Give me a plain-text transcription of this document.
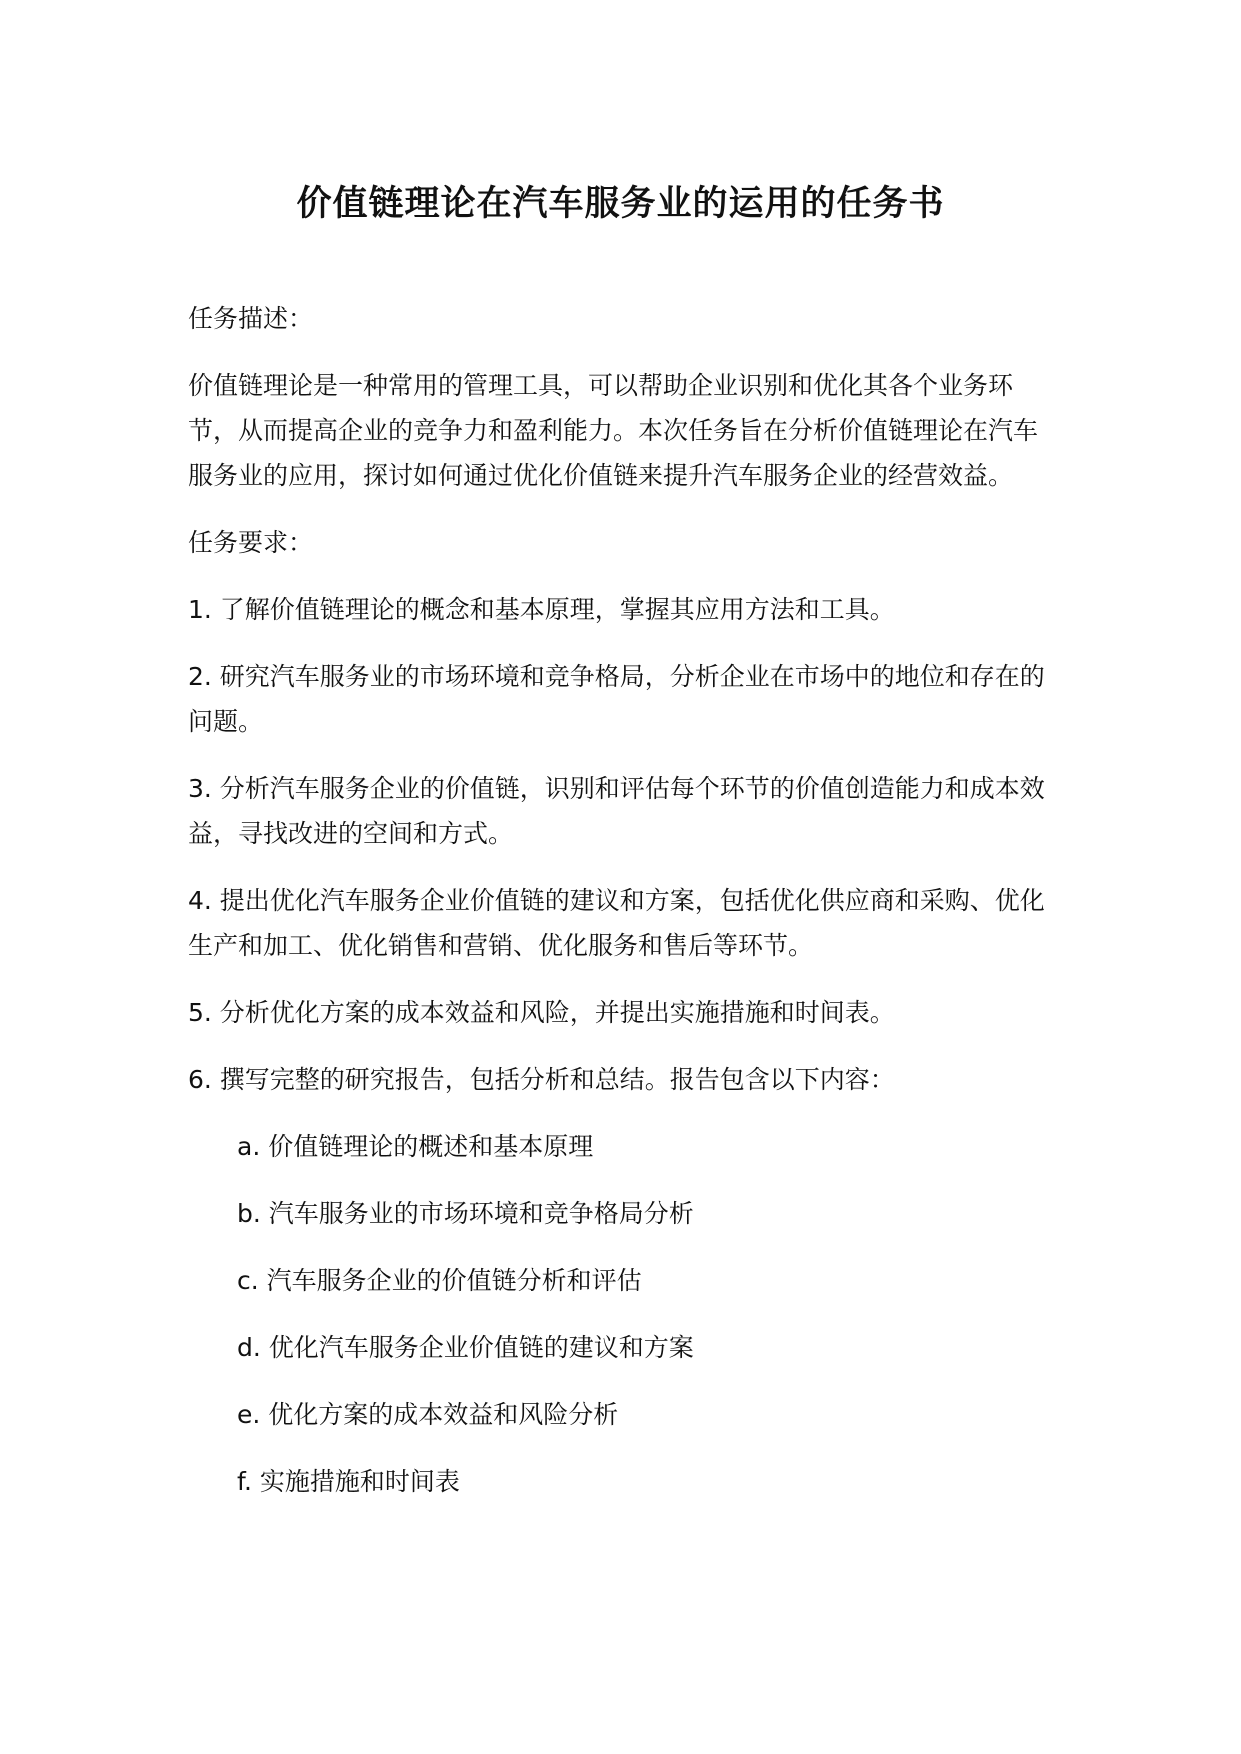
价值链理论在汽车服务业的运用的任务书

任务描述：

价值链理论是一种常用的管理工具，可以帮助企业识别和优化其各个业务环节，从而提高企业的竞争力和盈利能力。本次任务旨在分析价值链理论在汽车服务业的应用，探讨如何通过优化价值链来提升汽车服务企业的经营效益。

任务要求：

1. 了解价值链理论的概念和基本原理，掌握其应用方法和工具。

2. 研究汽车服务业的市场环境和竞争格局，分析企业在市场中的地位和存在的问题。

3. 分析汽车服务企业的价值链，识别和评估每个环节的价值创造能力和成本效益，寻找改进的空间和方式。

4. 提出优化汽车服务企业价值链的建议和方案，包括优化供应商和采购、优化生产和加工、优化销售和营销、优化服务和售后等环节。

5. 分析优化方案的成本效益和风险，并提出实施措施和时间表。

6. 撰写完整的研究报告，包括分析和总结。报告包含以下内容：

a. 价值链理论的概述和基本原理
b. 汽车服务业的市场环境和竞争格局分析
c. 汽车服务企业的价值链分析和评估
d. 优化汽车服务企业价值链的建议和方案
e. 优化方案的成本效益和风险分析
f. 实施措施和时间表
